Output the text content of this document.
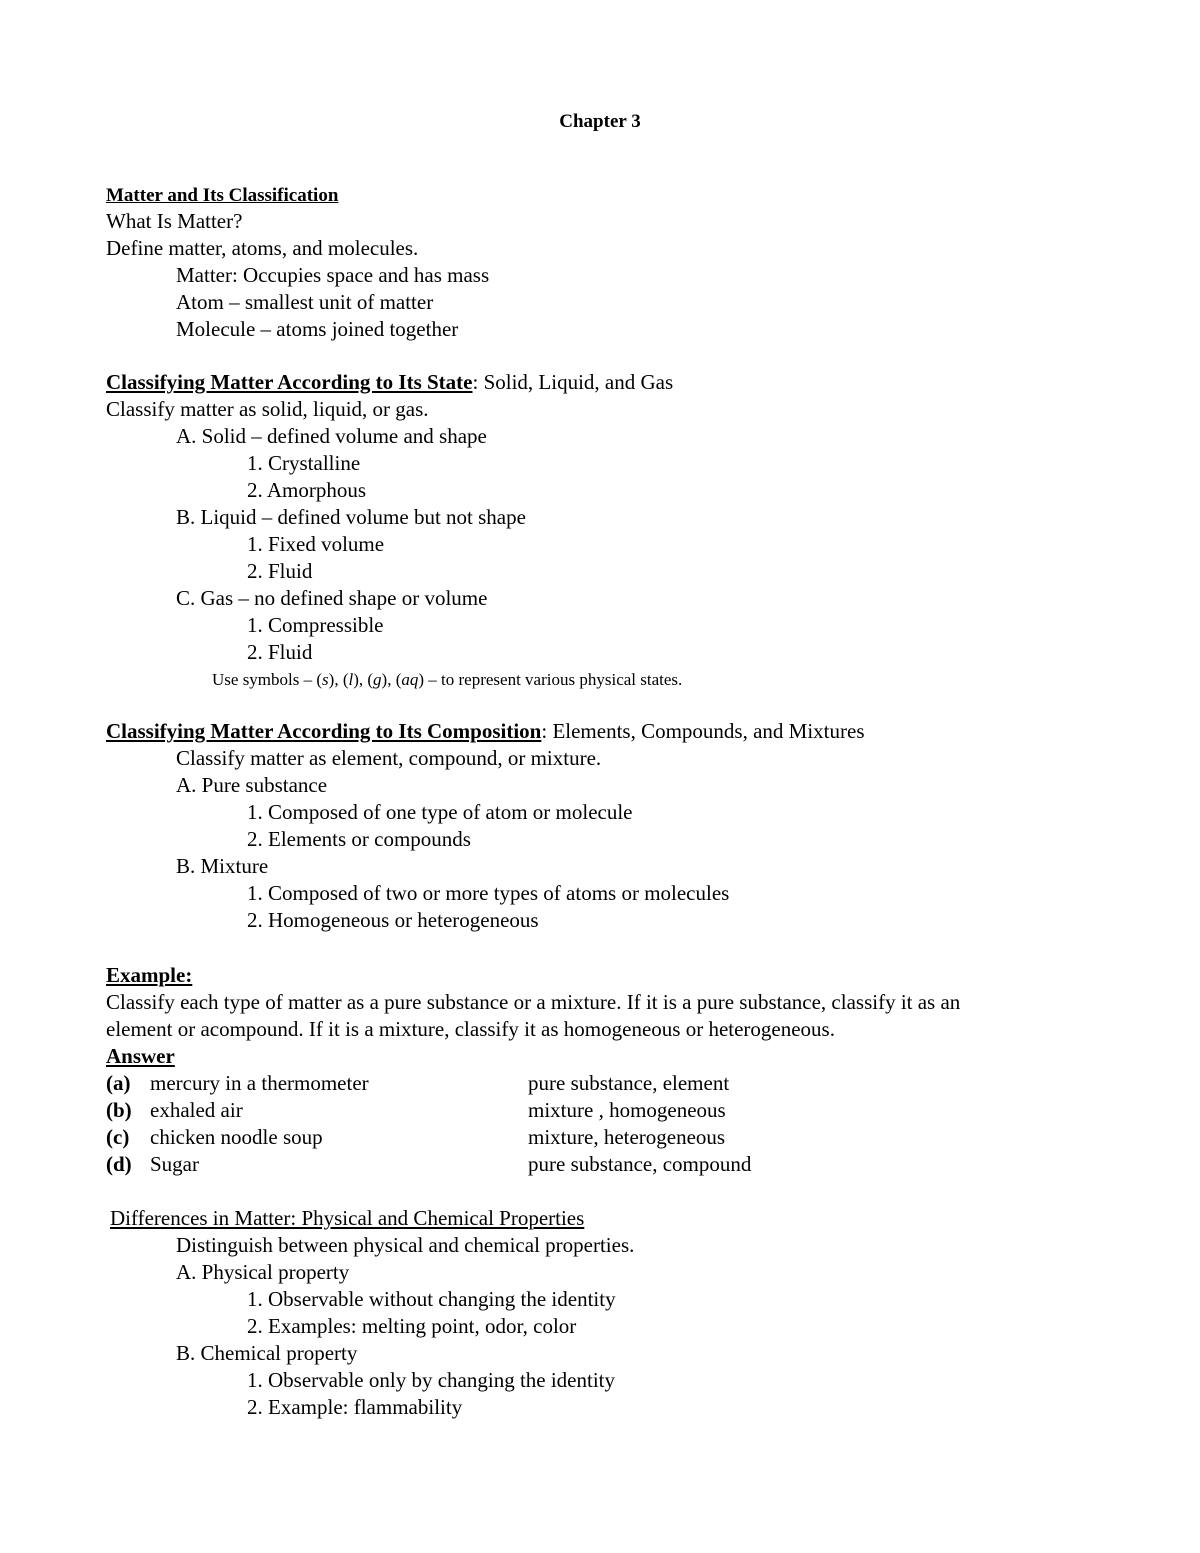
Chapter 3
Matter and Its Classification
What Is Matter?
Define matter, atoms, and molecules.
Matter: Occupies space and has mass
Atom – smallest unit of matter
Molecule – atoms joined together
Classifying Matter According to Its State: Solid, Liquid, and Gas
Classify matter as solid, liquid, or gas.
A. Solid – defined volume and shape
1. Crystalline
2. Amorphous
B. Liquid – defined volume but not shape
1. Fixed volume
2. Fluid
C. Gas – no defined shape or volume
1. Compressible
2. Fluid
Use symbols – (s), (l), (g), (aq) – to represent various physical states.
Classifying Matter According to Its Composition: Elements, Compounds, and Mixtures
Classify matter as element, compound, or mixture.
A. Pure substance
1. Composed of one type of atom or molecule
2. Elements or compounds
B. Mixture
1. Composed of two or more types of atoms or molecules
2. Homogeneous or heterogeneous
Example:
Classify each type of matter as a pure substance or a mixture. If it is a pure substance, classify it as an
element or acompound. If it is a mixture, classify it as homogeneous or heterogeneous.
Answer
(a) mercury in a thermometer	pure substance, element
(b) exhaled air	mixture , homogeneous
(c) chicken noodle soup	mixture, heterogeneous
(d) Sugar	pure substance, compound
Differences in Matter: Physical and Chemical Properties
Distinguish between physical and chemical properties.
A. Physical property
1. Observable without changing the identity
2. Examples: melting point, odor, color
B. Chemical property
1. Observable only by changing the identity
2. Example: flammability
